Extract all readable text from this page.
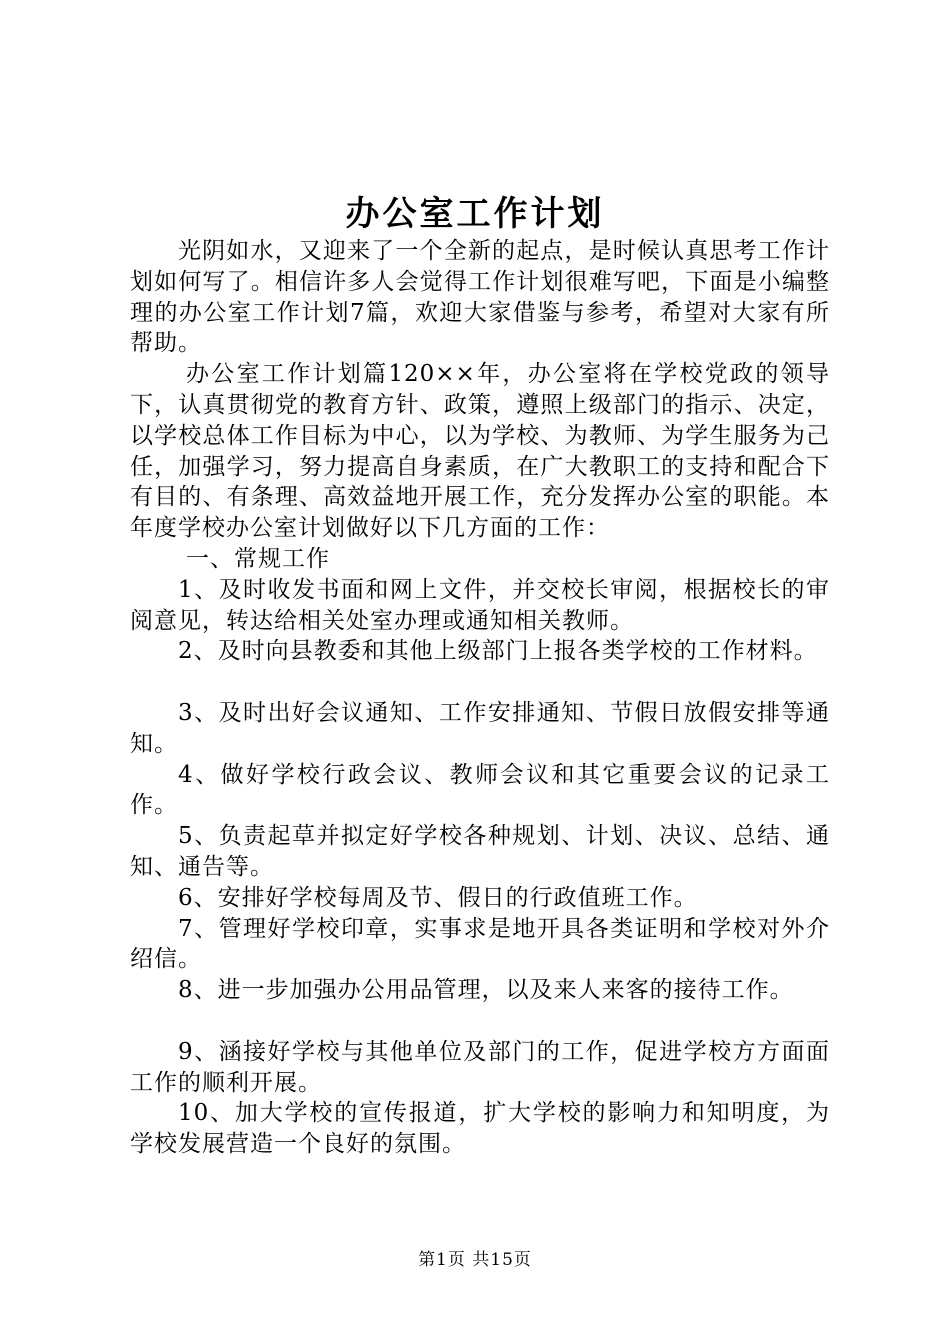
办公室工作计划

光阴如水，又迎来了一个全新的起点，是时候认真思考工作计划如何写了。相信许多人会觉得工作计划很难写吧，下面是小编整理的办公室工作计划7篇，欢迎大家借鉴与参考，希望对大家有所帮助。

办公室工作计划篇120××年，办公室将在学校党政的领导下，认真贯彻党的教育方针、政策，遵照上级部门的指示、决定，以学校总体工作目标为中心，以为学校、为教师、为学生服务为己任，加强学习，努力提高自身素质，在广大教职工的支持和配合下有目的、有条理、高效益地开展工作，充分发挥办公室的职能。本年度学校办公室计划做好以下几方面的工作：

一、常规工作

1、及时收发书面和网上文件，并交校长审阅，根据校长的审阅意见，转达给相关处室办理或通知相关教师。

2、及时向县教委和其他上级部门上报各类学校的工作材料。

3、及时出好会议通知、工作安排通知、节假日放假安排等通知。

4、做好学校行政会议、教师会议和其它重要会议的记录工作。

5、负责起草并拟定好学校各种规划、计划、决议、总结、通知、通告等。

6、安排好学校每周及节、假日的行政值班工作。

7、管理好学校印章，实事求是地开具各类证明和学校对外介绍信。

8、进一步加强办公用品管理，以及来人来客的接待工作。

9、涵接好学校与其他单位及部门的工作，促进学校方方面面工作的顺利开展。

10、加大学校的宣传报道，扩大学校的影响力和知明度，为学校发展营造一个良好的氛围。

第1页 共15页
